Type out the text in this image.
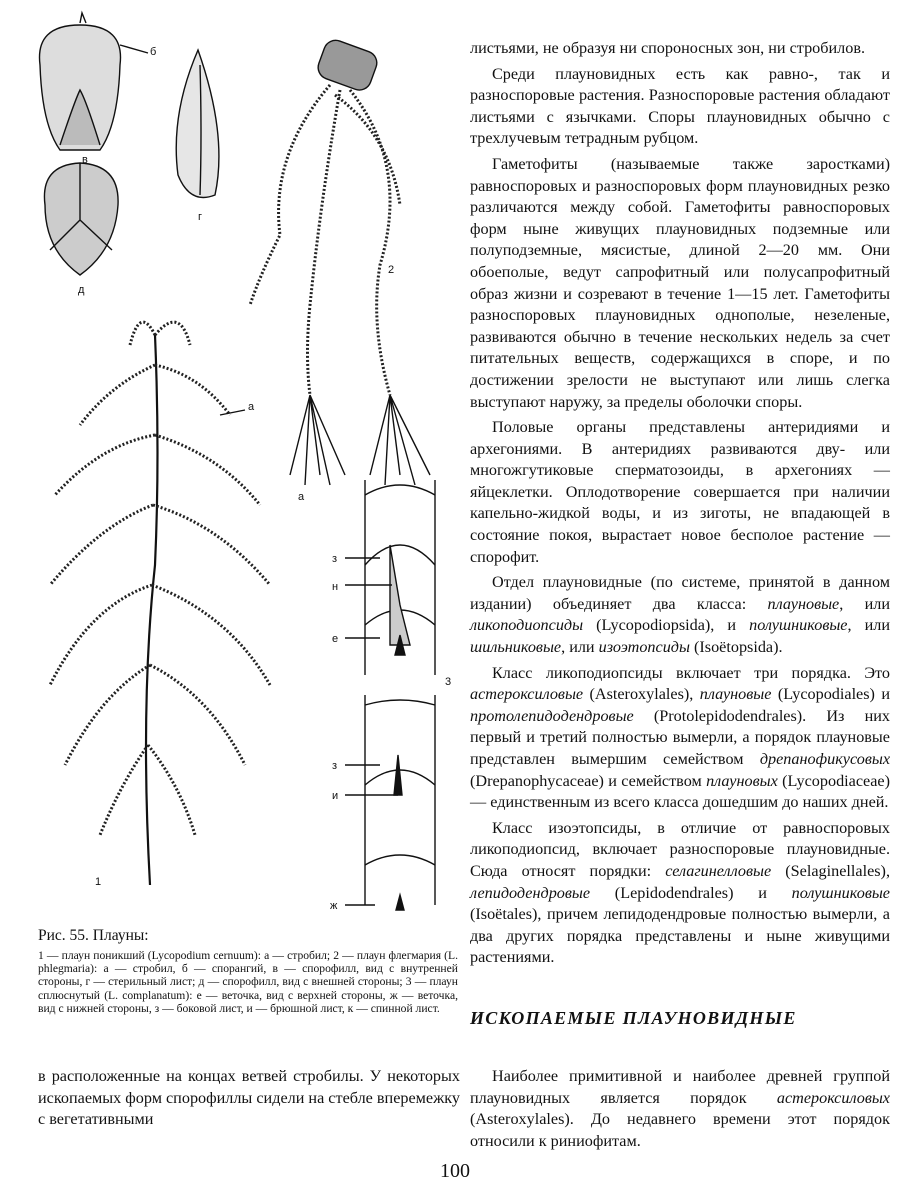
б
в
г
д
а
1
2
а
з
н
е
3
з
и
ж
Рис. 55. Плауны:
1 — плаун поникший (Lycopodium cernuum): а — стробил; 2 — плаун флегмария (L. phlegmaria): а — стробил, б — спорангий, в — спорофилл, вид с внутренней стороны, г — стерильный лист; д — спорофилл, вид с внешней стороны; 3 — плаун сплюснутый (L. complanatum): е — веточка, вид с верхней стороны, ж — веточка, вид с нижней стороны, з — боковой лист, и — брюшной лист, к — спинной лист.

в расположенные на концах ветвей стробилы. У некоторых ископаемых форм спорофиллы сидели на стебле вперемежку с вегетативными

листьями, не образуя ни спороносных зон, ни стробилов.

Среди плауновидных есть как равно-, так и разноспоровые растения. Разноспоровые растения обладают листьями с язычками. Споры плауновидных обычно с трехлучевым тетрадным рубцом.

Гаметофиты (называемые также заростками) равноспоровых и разноспоровых форм плауновидных резко различаются между собой. Гаметофиты равноспоровых форм ныне живущих плауновидных подземные или полуподземные, мясистые, длиной 2—20 мм. Они обоеполые, ведут сапрофитный или полусапрофитный образ жизни и созревают в течение 1—15 лет. Гаметофиты разноспоровых плауновидных однополые, незеленые, развиваются обычно в течение нескольких недель за счет питательных веществ, содержащихся в споре, и по достижении зрелости не выступают или лишь слегка выступают наружу, за пределы оболочки споры.

Половые органы представлены антеридиями и архегониями. В антеридиях развиваются дву- или многожгутиковые сперматозоиды, в архегониях — яйцеклетки. Оплодотворение совершается при наличии капельно-жидкой воды, и из зиготы, не впадающей в состояние покоя, вырастает новое бесполое растение — спорофит.

Отдел плауновидные (по системе, принятой в данном издании) объединяет два класса: плауновые, или ликоподиопсиды (Lycopodiopsida), и полушниковые, или шильниковые, или изоэтопсиды (Isoëtopsida).

Класс ликоподиопсиды включает три порядка. Это астероксиловые (Asteroxylales), плауновые (Lycopodiales) и протолепидодендровые (Protolepidodendrales). Из них первый и третий полностью вымерли, а порядок плауновые представлен вымершим семейством дрепанофикусовых (Drepanophycaceae) и семейством плауновых (Lycopodiaceae) — единственным из всего класса дошедшим до наших дней.

Класс изоэтопсиды, в отличие от равноспоровых ликоподиопсид, включает разноспоровые плауновидные. Сюда относят порядки: селагинелловые (Selaginellales), лепидодендровые (Lepidodendrales) и полушниковые (Isoëtales), причем лепидодендровые полностью вымерли, а два других порядка представлены и ныне живущими растениями.

ИСКОПАЕМЫЕ ПЛАУНОВИДНЫЕ

Наиболее примитивной и наиболее древней группой плауновидных является порядок астероксиловых (Asteroxylales). До недавнего времени этот порядок относили к риниофитам.

100
